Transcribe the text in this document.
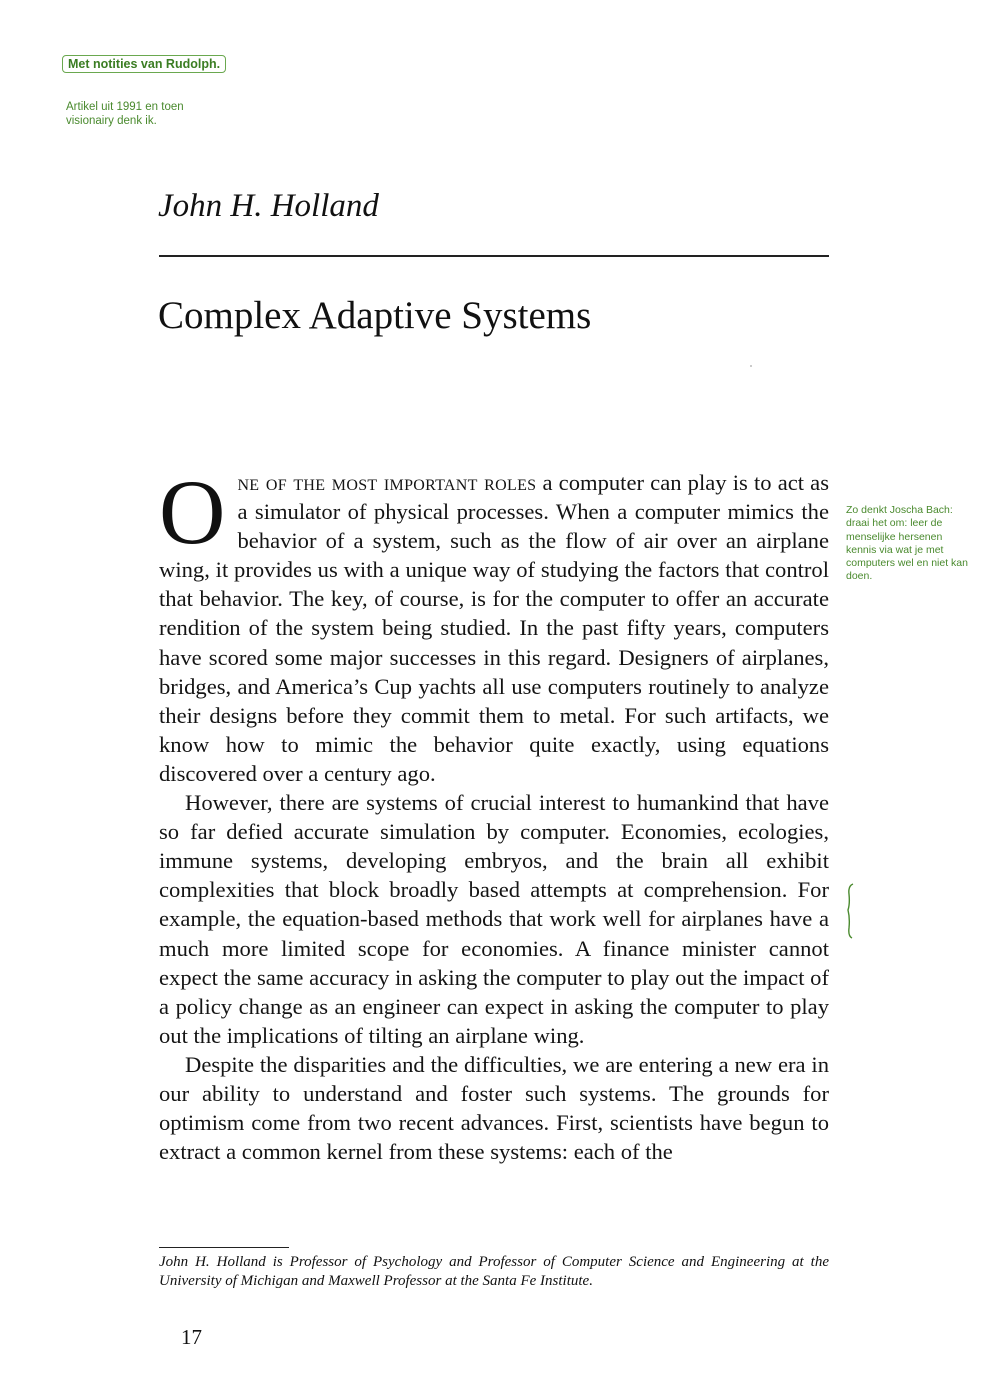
Met notities van Rudolph.
Artikel uit 1991 en toen visionairy denk ik.
Zo denkt Joscha Bach: draai het om: leer de menselijke hersenen kennis via wat je met computers wel en niet kan doen.
John H. Holland
Complex Adaptive Systems

One of the most important roles a computer can play is to act as a simulator of physical processes. When a computer mimics the behavior of a system, such as the flow of air over an airplane wing, it provides us with a unique way of studying the factors that control that behavior. The key, of course, is for the computer to offer an accurate rendition of the system being studied. In the past fifty years, computers have scored some major successes in this regard. Designers of airplanes, bridges, and America’s Cup yachts all use computers routinely to analyze their designs before they commit them to metal. For such artifacts, we know how to mimic the behavior quite exactly, using equations discovered over a century ago.

However, there are systems of crucial interest to humankind that have so far defied accurate simulation by computer. Economies, ecologies, immune systems, developing embryos, and the brain all exhibit complexities that block broadly based attempts at comprehension. For example, the equation-based methods that work well for airplanes have a much more limited scope for economies. A finance minister cannot expect the same accuracy in asking the computer to play out the impact of a policy change as an engineer can expect in asking the computer to play out the implications of tilting an airplane wing.

Despite the disparities and the difficulties, we are entering a new era in our ability to understand and foster such systems. The grounds for optimism come from two recent advances. First, scientists have begun to extract a common kernel from these systems: each of the

John H. Holland is Professor of Psychology and Professor of Computer Science and Engineering at the University of Michigan and Maxwell Professor at the Santa Fe Institute.
17
